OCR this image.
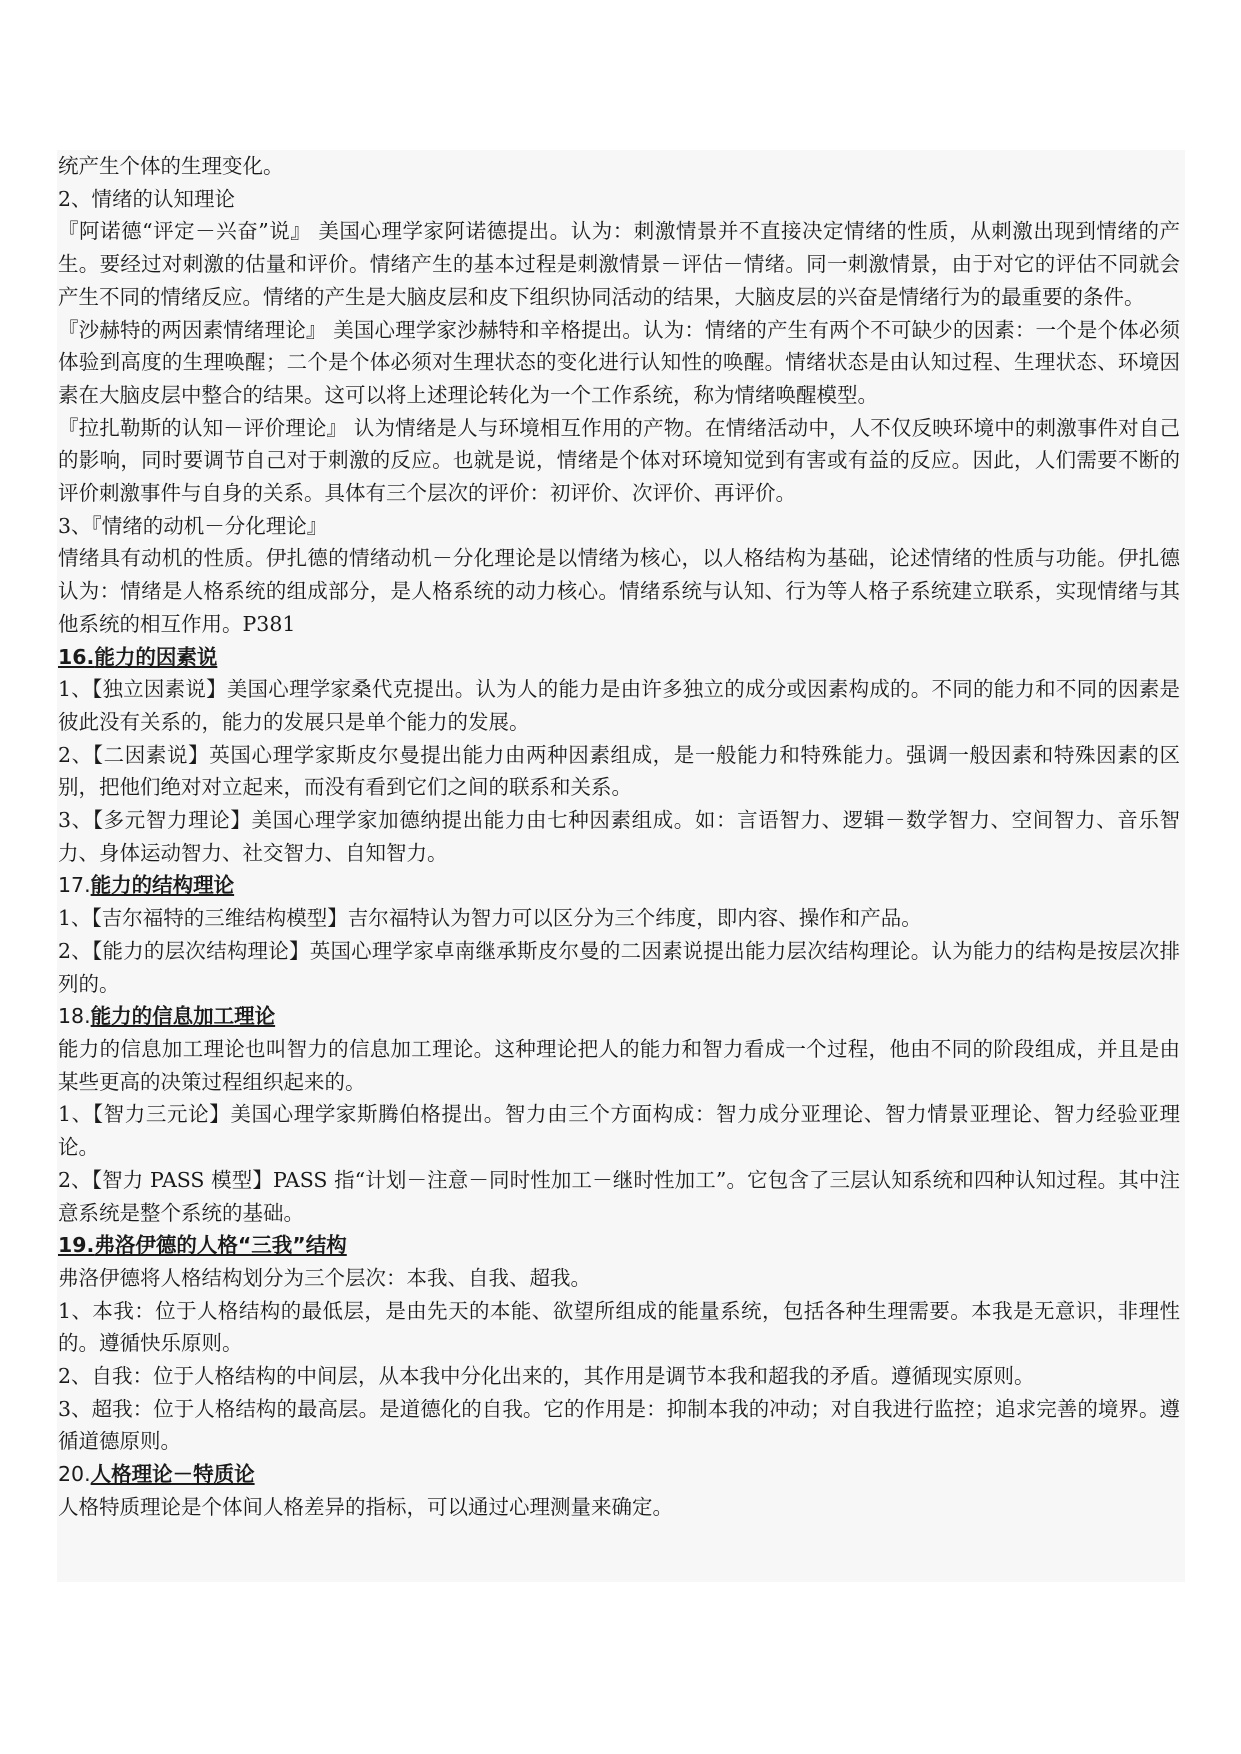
统产生个体的生理变化。

2、情绪的认知理论

『阿诺德“评定－兴奋”说』 美国心理学家阿诺德提出。认为：刺激情景并不直接决定情绪的性质，从刺激出现到情绪的产生。要经过对刺激的估量和评价。情绪产生的基本过程是刺激情景－评估－情绪。同一刺激情景，由于对它的评估不同就会产生不同的情绪反应。情绪的产生是大脑皮层和皮下组织协同活动的结果，大脑皮层的兴奋是情绪行为的最重要的条件。

『沙赫特的两因素情绪理论』 美国心理学家沙赫特和辛格提出。认为：情绪的产生有两个不可缺少的因素：一个是个体必须体验到高度的生理唤醒；二个是个体必须对生理状态的变化进行认知性的唤醒。情绪状态是由认知过程、生理状态、环境因素在大脑皮层中整合的结果。这可以将上述理论转化为一个工作系统，称为情绪唤醒模型。

『拉扎勒斯的认知－评价理论』 认为情绪是人与环境相互作用的产物。在情绪活动中，人不仅反映环境中的刺激事件对自己的影响，同时要调节自己对于刺激的反应。也就是说，情绪是个体对环境知觉到有害或有益的反应。因此，人们需要不断的评价刺激事件与自身的关系。具体有三个层次的评价：初评价、次评价、再评价。

3、『情绪的动机－分化理论』

情绪具有动机的性质。伊扎德的情绪动机－分化理论是以情绪为核心，以人格结构为基础，论述情绪的性质与功能。伊扎德认为：情绪是人格系统的组成部分，是人格系统的动力核心。情绪系统与认知、行为等人格子系统建立联系，实现情绪与其他系统的相互作用。P381

16.能力的因素说

1、【独立因素说】美国心理学家桑代克提出。认为人的能力是由许多独立的成分或因素构成的。不同的能力和不同的因素是彼此没有关系的，能力的发展只是单个能力的发展。

2、【二因素说】英国心理学家斯皮尔曼提出能力由两种因素组成，是一般能力和特殊能力。强调一般因素和特殊因素的区别，把他们绝对对立起来，而没有看到它们之间的联系和关系。

3、【多元智力理论】美国心理学家加德纳提出能力由七种因素组成。如：言语智力、逻辑－数学智力、空间智力、音乐智力、身体运动智力、社交智力、自知智力。

17.能力的结构理论

1、【吉尔福特的三维结构模型】吉尔福特认为智力可以区分为三个纬度，即内容、操作和产品。

2、【能力的层次结构理论】英国心理学家卓南继承斯皮尔曼的二因素说提出能力层次结构理论。认为能力的结构是按层次排列的。

18.能力的信息加工理论

能力的信息加工理论也叫智力的信息加工理论。这种理论把人的能力和智力看成一个过程，他由不同的阶段组成，并且是由某些更高的决策过程组织起来的。

1、【智力三元论】美国心理学家斯腾伯格提出。智力由三个方面构成：智力成分亚理论、智力情景亚理论、智力经验亚理论。

2、【智力 PASS 模型】PASS 指“计划－注意－同时性加工－继时性加工”。它包含了三层认知系统和四种认知过程。其中注意系统是整个系统的基础。

19.弗洛伊德的人格“三我”结构

弗洛伊德将人格结构划分为三个层次：本我、自我、超我。

1、本我：位于人格结构的最低层，是由先天的本能、欲望所组成的能量系统，包括各种生理需要。本我是无意识，非理性的。遵循快乐原则。

2、自我：位于人格结构的中间层，从本我中分化出来的，其作用是调节本我和超我的矛盾。遵循现实原则。

3、超我：位于人格结构的最高层。是道德化的自我。它的作用是：抑制本我的冲动；对自我进行监控；追求完善的境界。遵循道德原则。

20.人格理论－特质论

人格特质理论是个体间人格差异的指标，可以通过心理测量来确定。
